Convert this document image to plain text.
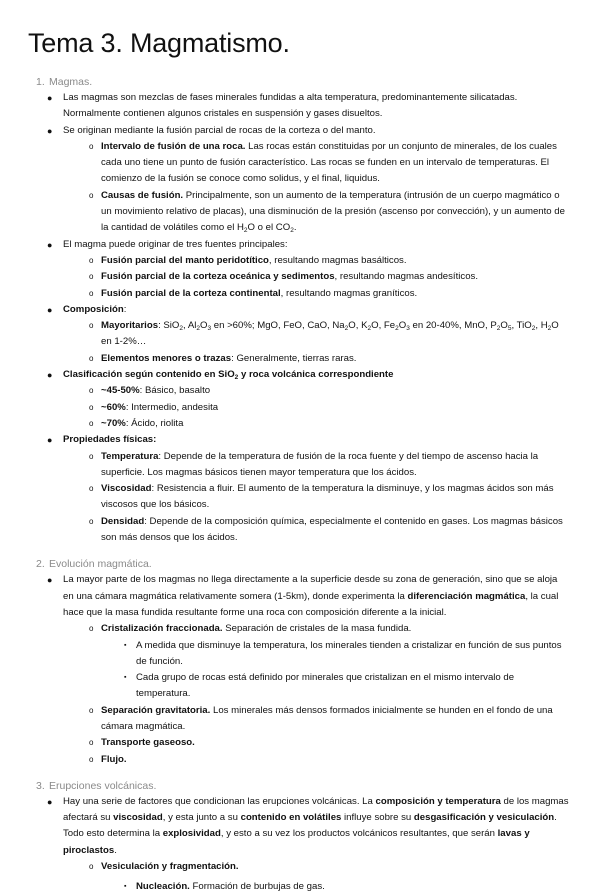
Tema 3. Magmatismo.
1. Magmas.
● Las magmas son mezclas de fases minerales fundidas a alta temperatura, predominantemente silicatadas. Normalmente contienen algunos cristales en suspensión y gases disueltos.
● Se originan mediante la fusión parcial de rocas de la corteza o del manto.
o Intervalo de fusión de una roca. Las rocas están constituidas por un conjunto de minerales, de los cuales cada uno tiene un punto de fusión característico. Las rocas se funden en un intervalo de temperaturas. El comienzo de la fusión se conoce como solidus, y el final, liquidus.
o Causas de fusión. Principalmente, son un aumento de la temperatura (intrusión de un cuerpo magmático o un movimiento relativo de placas), una disminución de la presión (ascenso por convección), y un aumento de la cantidad de volátiles como el $H_2O$ o el $CO_2$.
● El magma puede originar de tres fuentes principales:
o Fusión parcial del manto peridotítico, resultando magmas basálticos.
o Fusión parcial de la corteza oceánica y sedimentos, resultando magmas andesíticos.
o Fusión parcial de la corteza continental, resultando magmas graníticos.
● Composición:
o Mayoritarios: SiO$_2$, $Al_2O_3$ en >60%; MgO, FeO, CaO, $Na_2O$, $K_2O$, $Fe_2O_3$ en 20-40%, MnO, $P_2O_5$, TiO$_2$, $H_2O$ en 1-2%…
o Elementos menores o trazas: Generalmente, tierras raras.
● Clasificación según contenido en SiO$_2$ y roca volcánica correspondiente
o ~45-50%: Básico, basalto
o ~60%: Intermedio, andesita
o ~70%: Ácido, riolita
● Propiedades físicas:
o Temperatura: Depende de la temperatura de fusión de la roca fuente y del tiempo de ascenso hacia la superficie. Los magmas básicos tienen mayor temperatura que los ácidos.
o Viscosidad: Resistencia a fluir. El aumento de la temperatura la disminuye, y los magmas ácidos son más viscosos que los básicos.
o Densidad: Depende de la composición química, especialmente el contenido en gases. Los magmas básicos son más densos que los ácidos.
2. Evolución magmática.
● La mayor parte de los magmas no llega directamente a la superficie desde su zona de generación, sino que se aloja en una cámara magmática relativamente somera (1-5km), donde experimenta la diferenciación magmática, la cual hace que la masa fundida resultante forme una roca con composición diferente a la inicial.
o Cristalización fraccionada. Separación de cristales de la masa fundida.
▪ A medida que disminuye la temperatura, los minerales tienden a cristalizar en función de sus puntos de función.
▪ Cada grupo de rocas está definido por minerales que cristalizan en el mismo intervalo de temperatura.
o Separación gravitatoria. Los minerales más densos formados inicialmente se hunden en el fondo de una cámara magmática.
o Transporte gaseoso.
o Flujo.
3. Erupciones volcánicas.
● Hay una serie de factores que condicionan las erupciones volcánicas. La composición y temperatura de los magmas afectará su viscosidad, y esta junto a su contenido en volátiles influye sobre su desgasificación y vesiculación. Todo esto determina la explosividad, y esto a su vez los productos volcánicos resultantes, que serán lavas y piroclastos.
o Vesiculación y fragmentación.
▪ Nucleación. Formación de burbujas de gas.
